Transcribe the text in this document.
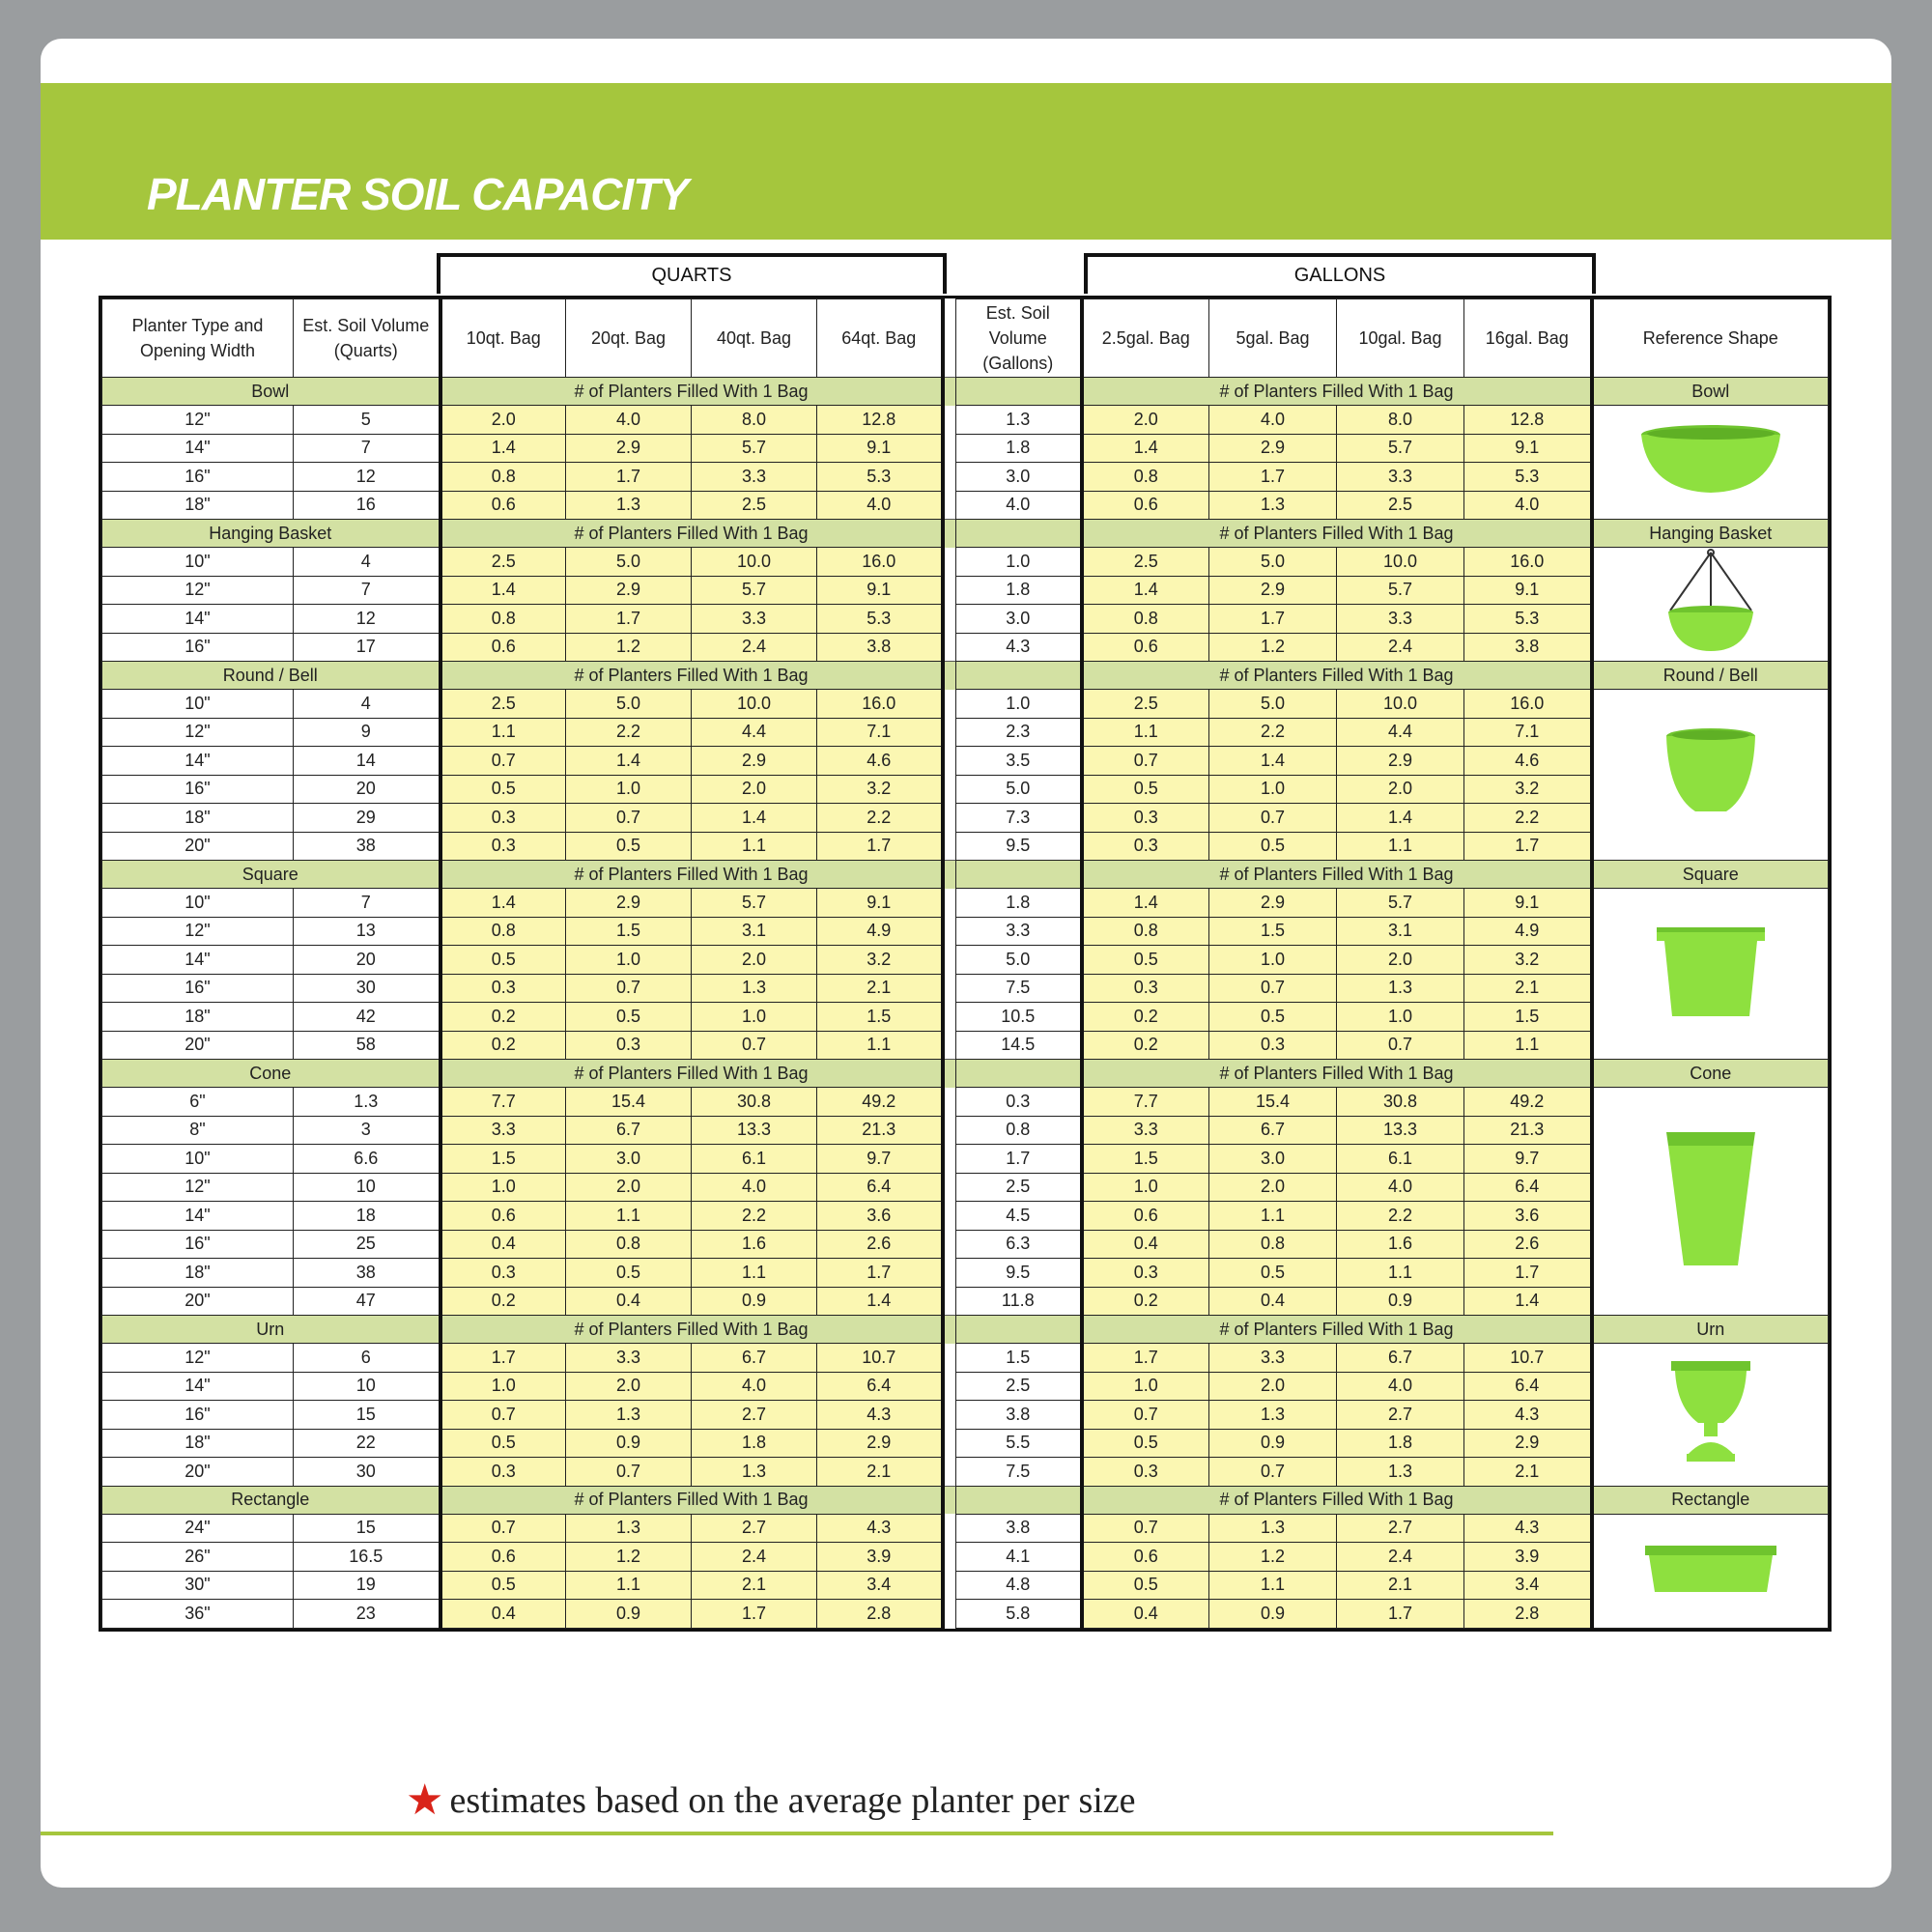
PLANTER SOIL CAPACITY
QUARTS	GALLONS
Planter Type and Opening Width	Est. Soil Volume (Quarts)	10qt. Bag	20qt. Bag	40qt. Bag	64qt. Bag		Est. Soil Volume (Gallons)	2.5gal. Bag	5gal. Bag	10gal. Bag	16gal. Bag	Reference Shape
Bowl		# of Planters Filled With 1 Bag						# of Planters Filled With 1 Bag				Bowl
12"	5	2.0	4.0	8.0	12.8		1.3	2.0	4.0	8.0	12.8	
14"	7	1.4	2.9	5.7	9.1		1.8	1.4	2.9	5.7	9.1	
16"	12	0.8	1.7	3.3	5.3		3.0	0.8	1.7	3.3	5.3	
18"	16	0.6	1.3	2.5	4.0		4.0	0.6	1.3	2.5	4.0	
Hanging Basket		# of Planters Filled With 1 Bag						# of Planters Filled With 1 Bag				Hanging Basket
10"	4	2.5	5.0	10.0	16.0		1.0	2.5	5.0	10.0	16.0	
12"	7	1.4	2.9	5.7	9.1		1.8	1.4	2.9	5.7	9.1	
14"	12	0.8	1.7	3.3	5.3		3.0	0.8	1.7	3.3	5.3	
16"	17	0.6	1.2	2.4	3.8		4.3	0.6	1.2	2.4	3.8	
Round / Bell		# of Planters Filled With 1 Bag						# of Planters Filled With 1 Bag				Round / Bell
10"	4	2.5	5.0	10.0	16.0		1.0	2.5	5.0	10.0	16.0	
12"	9	1.1	2.2	4.4	7.1		2.3	1.1	2.2	4.4	7.1	
14"	14	0.7	1.4	2.9	4.6		3.5	0.7	1.4	2.9	4.6	
16"	20	0.5	1.0	2.0	3.2		5.0	0.5	1.0	2.0	3.2	
18"	29	0.3	0.7	1.4	2.2		7.3	0.3	0.7	1.4	2.2	
20"	38	0.3	0.5	1.1	1.7		9.5	0.3	0.5	1.1	1.7	
Square		# of Planters Filled With 1 Bag						# of Planters Filled With 1 Bag				Square
10"	7	1.4	2.9	5.7	9.1		1.8	1.4	2.9	5.7	9.1	
12"	13	0.8	1.5	3.1	4.9		3.3	0.8	1.5	3.1	4.9	
14"	20	0.5	1.0	2.0	3.2		5.0	0.5	1.0	2.0	3.2	
16"	30	0.3	0.7	1.3	2.1		7.5	0.3	0.7	1.3	2.1	
18"	42	0.2	0.5	1.0	1.5		10.5	0.2	0.5	1.0	1.5	
20"	58	0.2	0.3	0.7	1.1		14.5	0.2	0.3	0.7	1.1	
Cone		# of Planters Filled With 1 Bag						# of Planters Filled With 1 Bag				Cone
6"	1.3	7.7	15.4	30.8	49.2		0.3	7.7	15.4	30.8	49.2	
8"	3	3.3	6.7	13.3	21.3		0.8	3.3	6.7	13.3	21.3	
10"	6.6	1.5	3.0	6.1	9.7		1.7	1.5	3.0	6.1	9.7	
12"	10	1.0	2.0	4.0	6.4		2.5	1.0	2.0	4.0	6.4	
14"	18	0.6	1.1	2.2	3.6		4.5	0.6	1.1	2.2	3.6	
16"	25	0.4	0.8	1.6	2.6		6.3	0.4	0.8	1.6	2.6	
18"	38	0.3	0.5	1.1	1.7		9.5	0.3	0.5	1.1	1.7	
20"	47	0.2	0.4	0.9	1.4		11.8	0.2	0.4	0.9	1.4	
Urn		# of Planters Filled With 1 Bag						# of Planters Filled With 1 Bag				Urn
12"	6	1.7	3.3	6.7	10.7		1.5	1.7	3.3	6.7	10.7	
14"	10	1.0	2.0	4.0	6.4		2.5	1.0	2.0	4.0	6.4	
16"	15	0.7	1.3	2.7	4.3		3.8	0.7	1.3	2.7	4.3	
18"	22	0.5	0.9	1.8	2.9		5.5	0.5	0.9	1.8	2.9	
20"	30	0.3	0.7	1.3	2.1		7.5	0.3	0.7	1.3	2.1	
Rectangle		# of Planters Filled With 1 Bag						# of Planters Filled With 1 Bag				Rectangle
24"	15	0.7	1.3	2.7	4.3		3.8	0.7	1.3	2.7	4.3	
26"	16.5	0.6	1.2	2.4	3.9		4.1	0.6	1.2	2.4	3.9	
30"	19	0.5	1.1	2.1	3.4		4.8	0.5	1.1	2.1	3.4	
36"	23	0.4	0.9	1.7	2.8		5.8	0.4	0.9	1.7	2.8	
★ estimates based on the average planter per size
